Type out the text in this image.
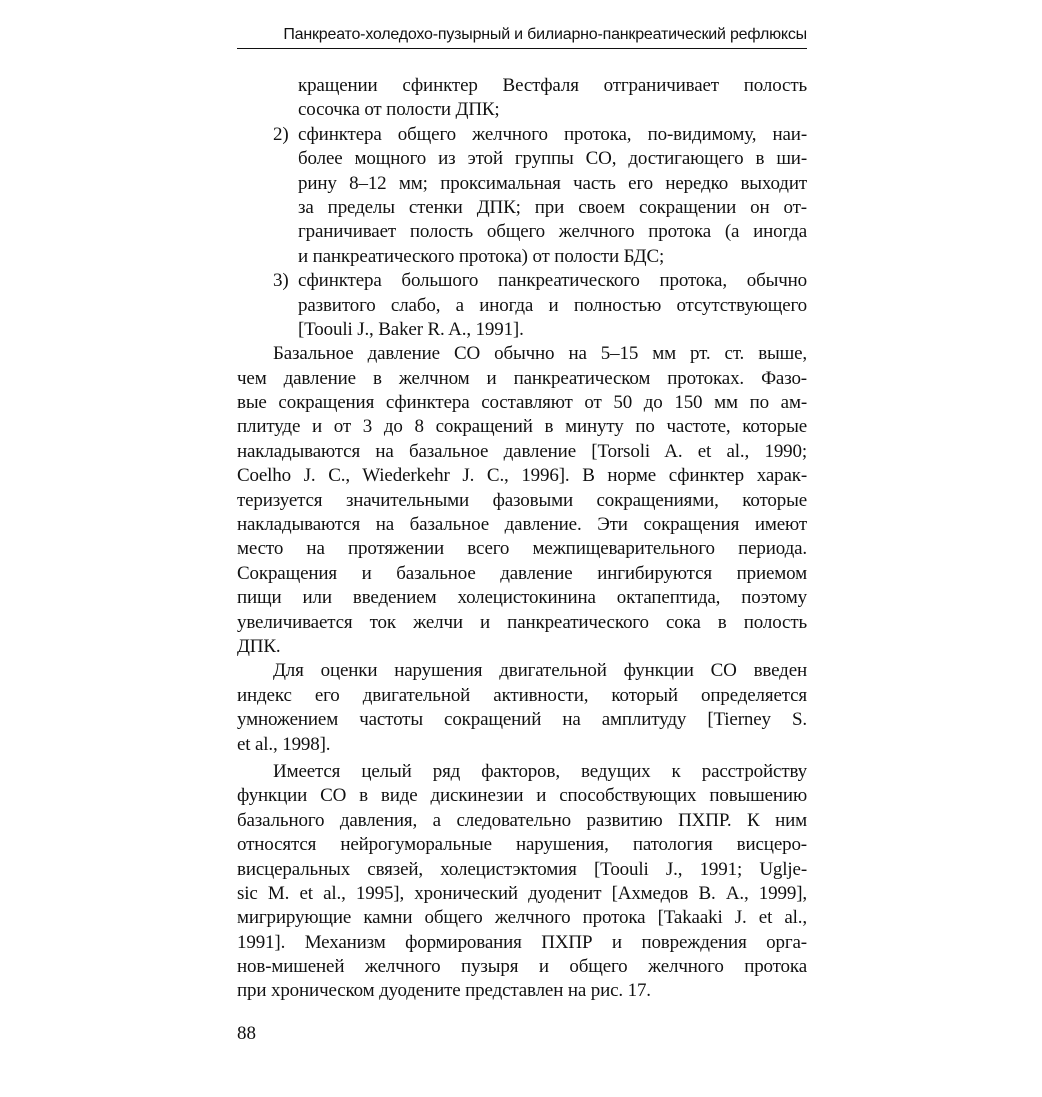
Панкреато-холедохо-пузырный и билиарно-панкреатический рефлюксы
кращении сфинктер Вестфаля отграничивает полость
сосочка от полости ДПК;
2) сфинктера общего желчного протока, по-видимому, наи-
более мощного из этой группы СО, достигающего в ши-
рину 8–12 мм; проксимальная часть его нередко выходит
за пределы стенки ДПК; при своем сокращении он от-
граничивает полость общего желчного протока (а иногда
и панкреатического протока) от полости БДС;
3) сфинктера большого панкреатического протока, обычно
развитого слабо, а иногда и полностью отсутствующего
[Toouli J., Baker R. A., 1991].
Базальное давление СО обычно на 5–15 мм рт. ст. выше,
чем давление в желчном и панкреатическом протоках. Фазо-
вые сокращения сфинктера составляют от 50 до 150 мм по ам-
плитуде и от 3 до 8 сокращений в минуту по частоте, которые
накладываются на базальное давление [Torsoli A. et al., 1990;
Coelho J. C., Wiederkehr J. C., 1996]. В норме сфинктер харак-
теризуется значительными фазовыми сокращениями, которые
накладываются на базальное давление. Эти сокращения имеют
место на протяжении всего межпищеварительного периода.
Сокращения и базальное давление ингибируются приемом
пищи или введением холецистокинина октапептида, поэтому
увеличивается ток желчи и панкреатического сока в полость
ДПК.
Для оценки нарушения двигательной функции СО введен
индекс его двигательной активности, который определяется
умножением частоты сокращений на амплитуду [Tierney S.
et al., 1998].
Имеется целый ряд факторов, ведущих к расстройству
функции СО в виде дискинезии и способствующих повышению
базального давления, а следовательно развитию ПХПР. К ним
относятся нейрогуморальные нарушения, патология висцеро-
висцеральных связей, холецистэктомия [Toouli J., 1991; Uglje-
sic M. et al., 1995], хронический дуоденит [Ахмедов В. А., 1999],
мигрирующие камни общего желчного протока [Takaaki J. et al.,
1991]. Механизм формирования ПХПР и повреждения орга-
нов-мишеней желчного пузыря и общего желчного протока
при хроническом дуодените представлен на рис. 17.
88
